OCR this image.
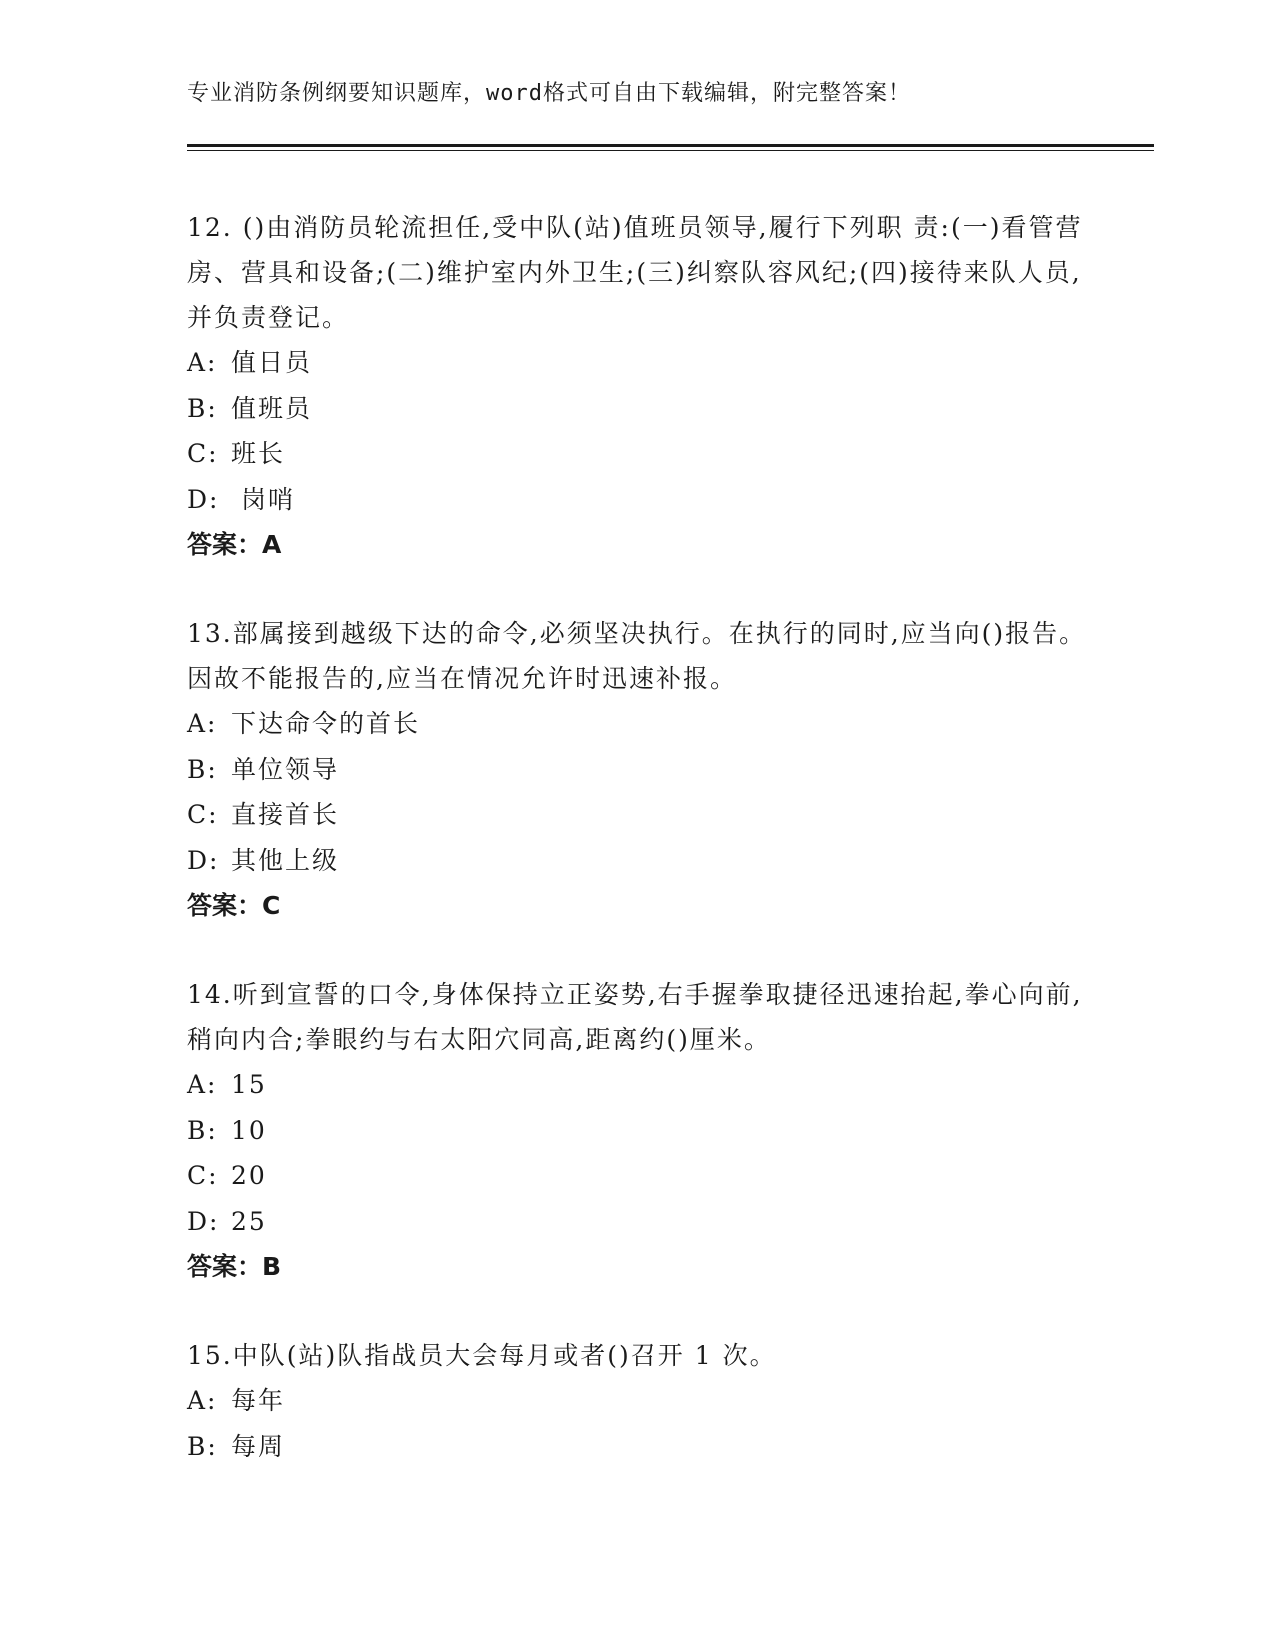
专业消防条例纲要知识题库，word格式可自由下载编辑，附完整答案！

12. ()由消防员轮流担任,受中队(站)值班员领导,履行下列职 责:(一)看管营房、营具和设备;(二)维护室内外卫生;(三)纠察队容风纪;(四)接待来队人员,并负责登记。

A: 值日员

B: 值班员

C: 班长

D: 岗哨

答案：A

13.部属接到越级下达的命令,必须坚决执行。在执行的同时,应当向()报告。因故不能报告的,应当在情况允许时迅速补报。

A: 下达命令的首长

B: 单位领导

C: 直接首长

D: 其他上级

答案：C

14.听到宣誓的口令,身体保持立正姿势,右手握拳取捷径迅速抬起,拳心向前,稍向内合;拳眼约与右太阳穴同高,距离约()厘米。

A: 15

B: 10

C: 20

D: 25

答案：B

15.中队(站)队指战员大会每月或者()召开 1 次。

A: 每年

B: 每周
